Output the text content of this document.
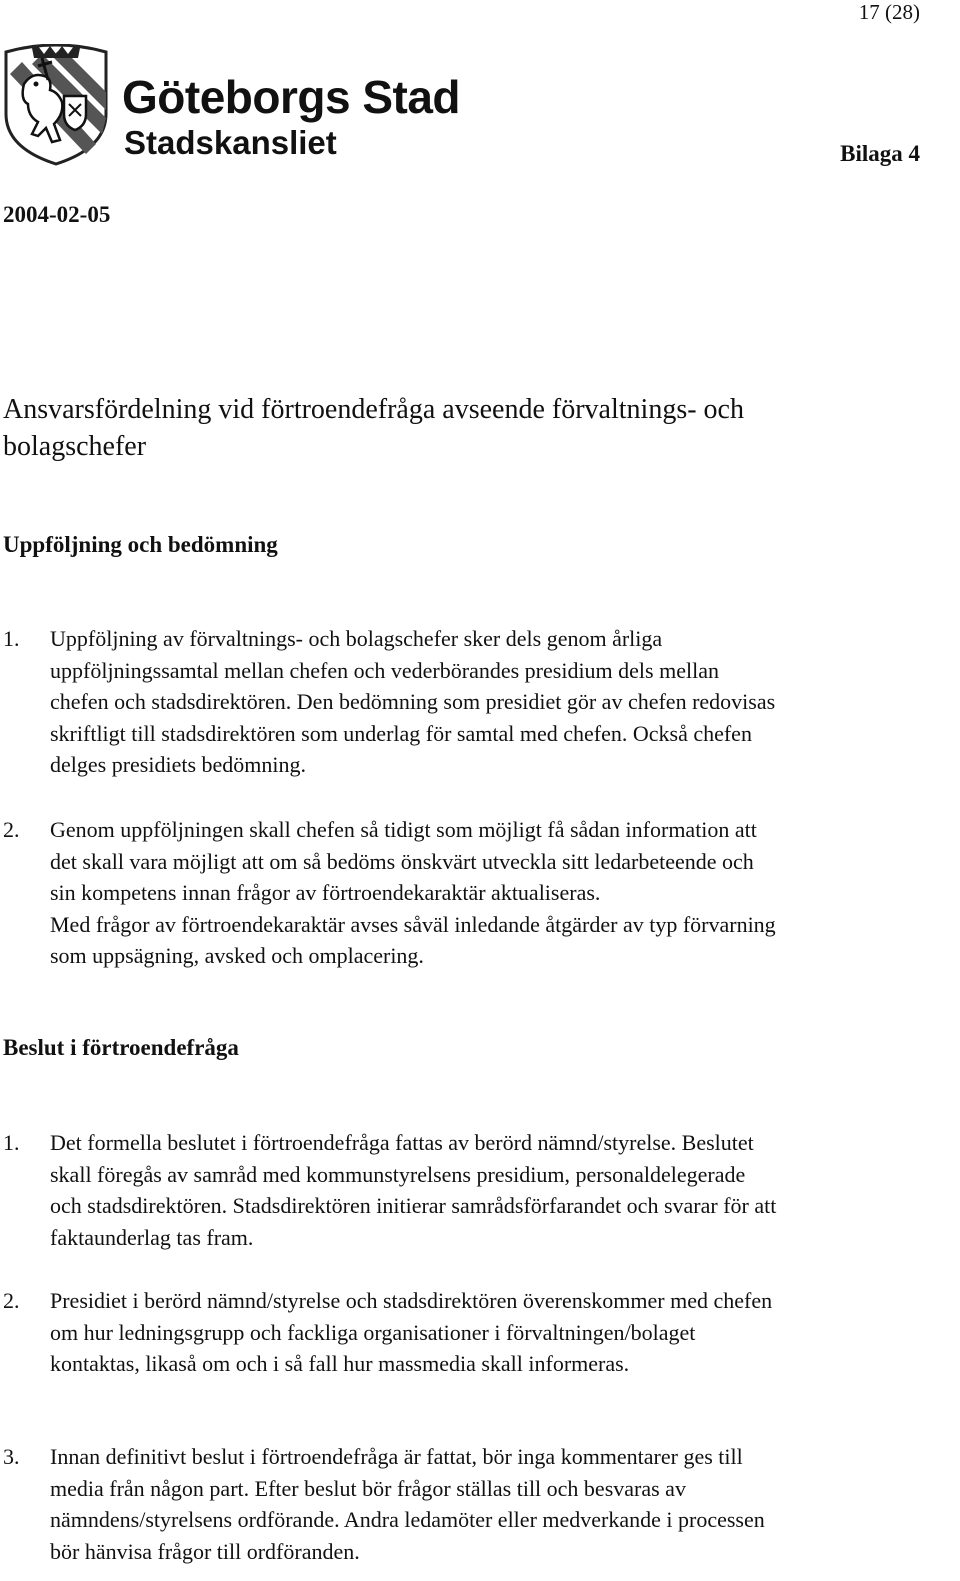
17 (28)
Göteborgs Stad
Stadskansliet	Bilaga 4
2004-02-05
Ansvarsfördelning vid förtroendefråga avseende förvaltnings- och
bolagschefer
Uppföljning och bedömning
1. Uppföljning av förvaltnings- och bolagschefer sker dels genom årliga
uppföljningssamtal mellan chefen och vederbörandes presidium dels mellan
chefen och stadsdirektören. Den bedömning som presidiet gör av chefen redovisas
skriftligt till stadsdirektören som underlag för samtal med chefen. Också chefen
delges presidiets bedömning.
2. Genom uppföljningen skall chefen så tidigt som möjligt få sådan information att
det skall vara möjligt att om så bedöms önskvärt utveckla sitt ledarbeteende och
sin kompetens innan frågor av förtroendekaraktär aktualiseras.
Med frågor av förtroendekaraktär avses såväl inledande åtgärder av typ förvarning
som uppsägning, avsked och omplacering.
Beslut i förtroendefråga
1. Det formella beslutet i förtroendefråga fattas av berörd nämnd/styrelse. Beslutet
skall föregås av samråd med kommunstyrelsens presidium, personaldelegerade
och stadsdirektören. Stadsdirektören initierar samrådsförfarandet och svarar för att
faktaunderlag tas fram.
2. Presidiet i berörd nämnd/styrelse och stadsdirektören överenskommer med chefen
om hur ledningsgrupp och fackliga organisationer i förvaltningen/bolaget
kontaktas, likaså om och i så fall hur massmedia skall informeras.
3. Innan definitivt beslut i förtroendefråga är fattat, bör inga kommentarer ges till
media från någon part. Efter beslut bör frågor ställas till och besvaras av
nämndens/styrelsens ordförande. Andra ledamöter eller medverkande i processen
bör hänvisa frågor till ordföranden.
